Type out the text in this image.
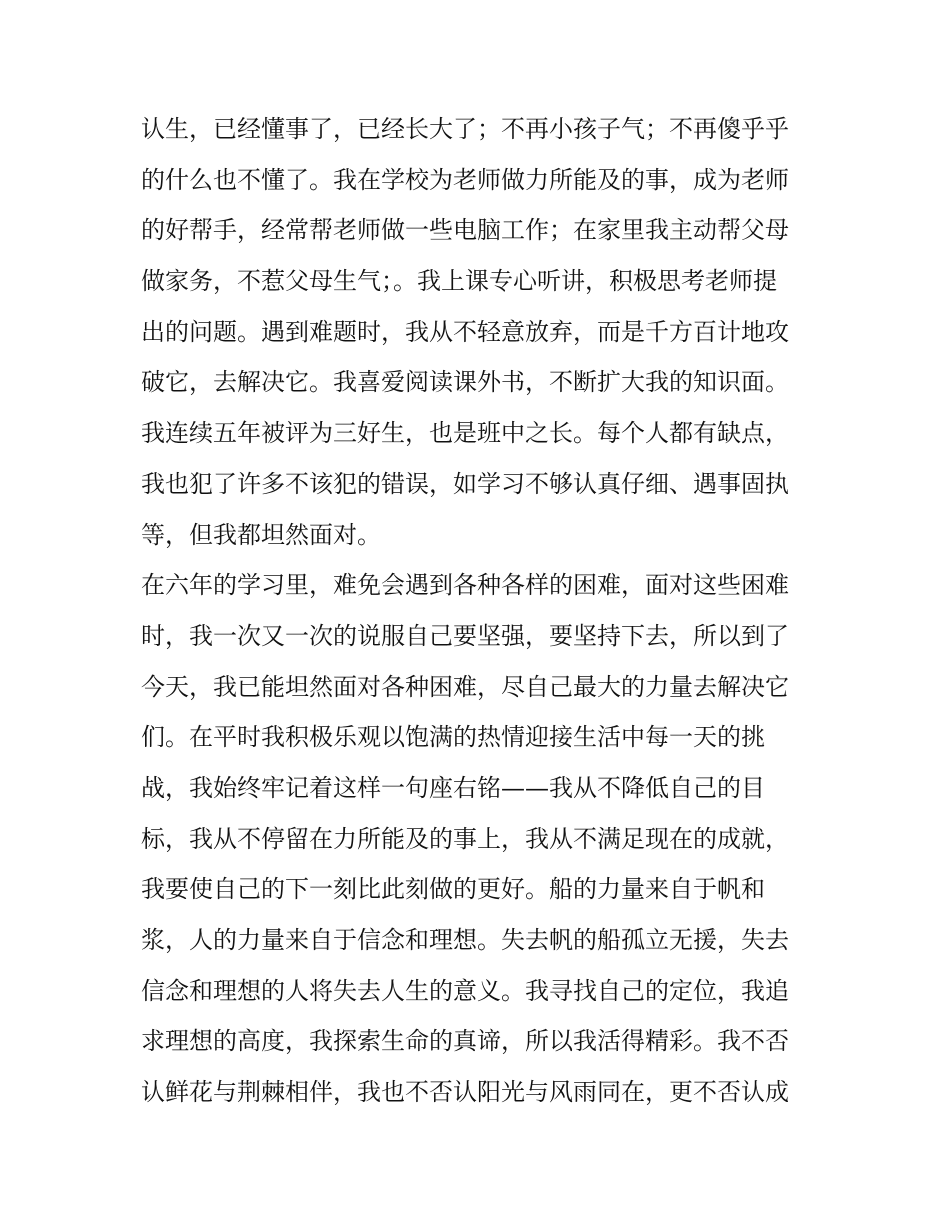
认生，已经懂事了，已经长大了；不再小孩子气；不再傻乎乎
的什么也不懂了。我在学校为老师做力所能及的事，成为老师
的好帮手，经常帮老师做一些电脑工作；在家里我主动帮父母
做家务，不惹父母生气；。我上课专心听讲，积极思考老师提
出的问题。遇到难题时，我从不轻意放弃，而是千方百计地攻
破它，去解决它。我喜爱阅读课外书，不断扩大我的知识面。
我连续五年被评为三好生，也是班中之长。每个人都有缺点，
我也犯了许多不该犯的错误，如学习不够认真仔细、遇事固执
等，但我都坦然面对。
在六年的学习里，难免会遇到各种各样的困难，面对这些困难
时，我一次又一次的说服自己要坚强，要坚持下去，所以到了
今天，我已能坦然面对各种困难，尽自己最大的力量去解决它
们。在平时我积极乐观以饱满的热情迎接生活中每一天的挑
战，我始终牢记着这样一句座右铭——我从不降低自己的目
标，我从不停留在力所能及的事上，我从不满足现在的成就，
我要使自己的下一刻比此刻做的更好。船的力量来自于帆和
浆，人的力量来自于信念和理想。失去帆的船孤立无援，失去
信念和理想的人将失去人生的意义。我寻找自己的定位，我追
求理想的高度，我探索生命的真谛，所以我活得精彩。我不否
认鲜花与荆棘相伴，我也不否认阳光与风雨同在，更不否认成
